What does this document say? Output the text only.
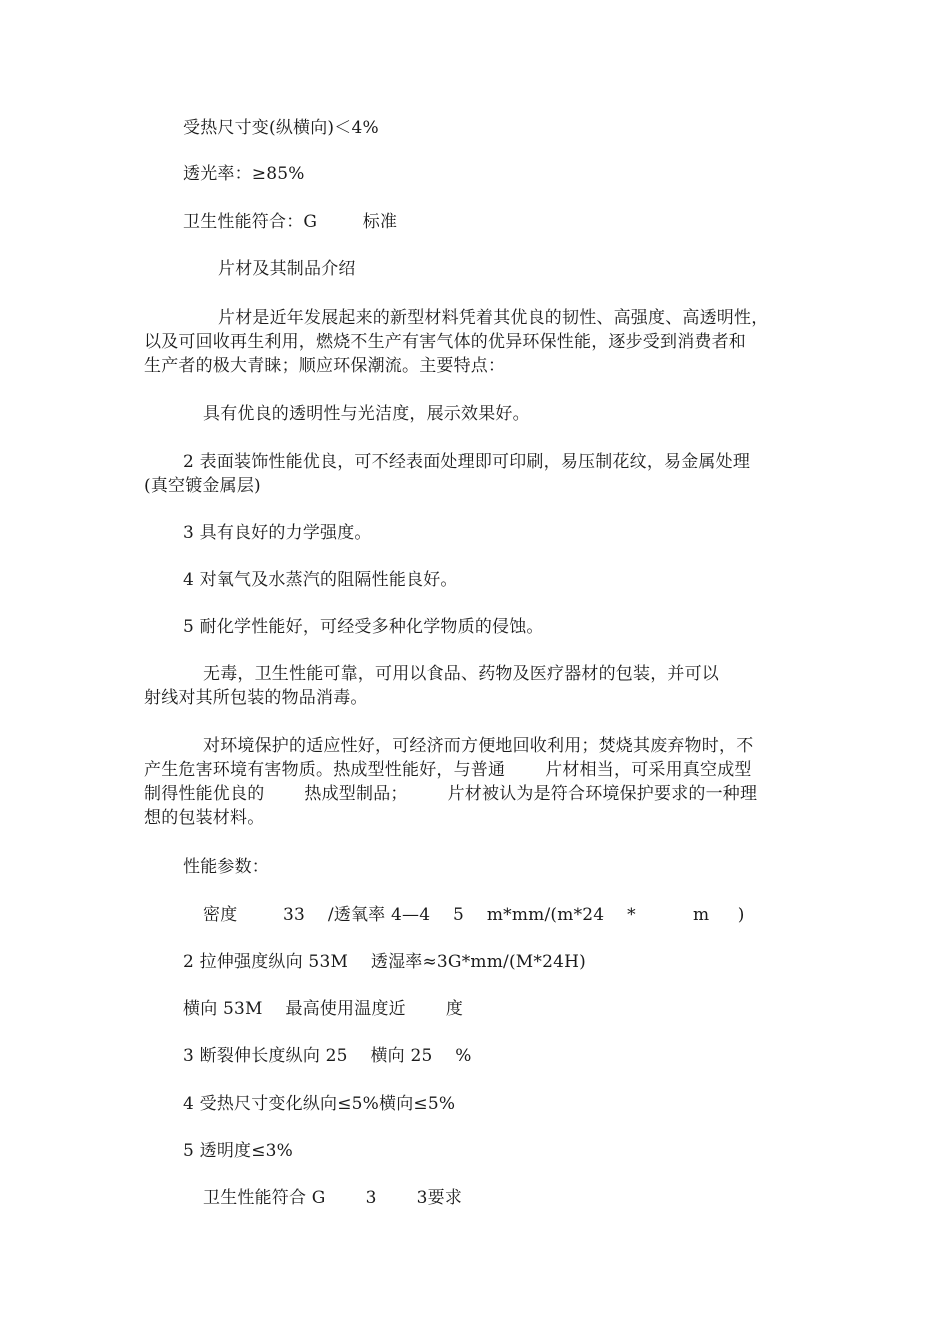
受热尺寸变(纵横向)＜4%
透光率：≥85%
卫生性能符合：G 　　 标准
片材及其制品介绍
片材是近年发展起来的新型材料凭着其优良的韧性、高强度、高透明性，
以及可回收再生利用，燃烧不生产有害气体的优异环保性能，逐步受到消费者和
生产者的极大青睐；顺应环保潮流。主要特点：
具有优良的透明性与光洁度，展示效果好。
2 表面装饰性能优良，可不经表面处理即可印刷，易压制花纹，易金属处理
(真空镀金属层)
3 具有良好的力学强度。
4 对氧气及水蒸汽的阻隔性能良好。
5 耐化学性能好，可经受多种化学物质的侵蚀。
无毒，卫生性能可靠，可用以食品、药物及医疗器材的包装，并可以
射线对其所包装的物品消毒。
对环境保护的适应性好，可经济而方便地回收利用；焚烧其废弃物时，不
产生危害环境有害物质。热成型性能好，与普通 　　片材相当，可采用真空成型
制得性能优良的 　　热成型制品； 　　片材被认为是符合环境保护要求的一种理
想的包装材料。
性能参数：
密度 　 　33 　/透氧率 4—4 　5 　m*mm/(m*24 　* 　　　m 　 )
2 拉伸强度纵向 53M 　透湿率≈3G*mm/(M*24H)
横向 53M 　最高使用温度近 　　度
3 断裂伸长度纵向 25 　横向 25 　%
4 受热尺寸变化纵向≤5%横向≤5%
5 透明度≤3%
卫生性能符合 G 　　3 　　3要求
